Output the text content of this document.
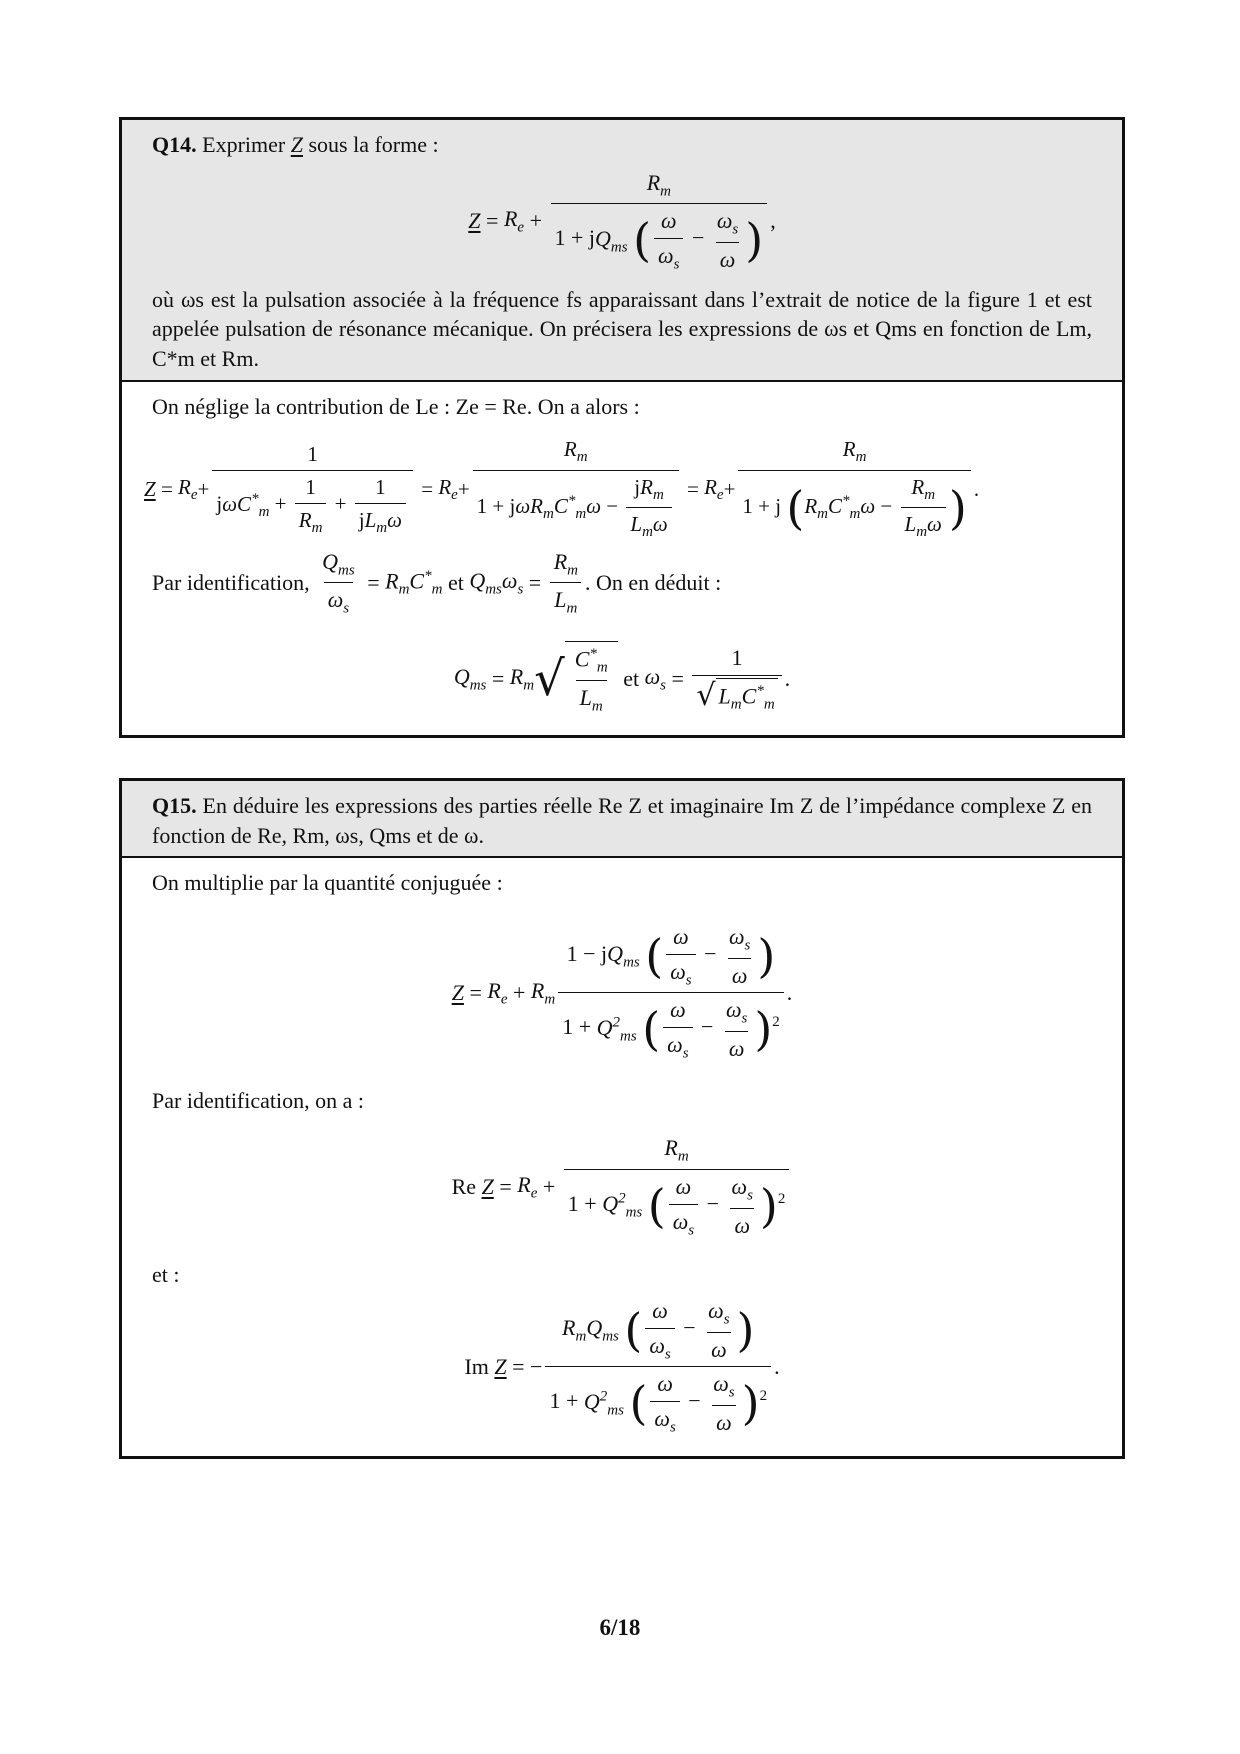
Q14. Exprimer Z sous la forme :

$Z = R_e + \frac{R_m}{1 + jQ_{ms} ( \frac{\omega}{\omega_s} - \frac{\omega_s}{\omega} )}$ ,

où ωs est la pulsation associée à la fréquence fs apparaissant dans l’extrait de notice de la figure 1 et est appelée pulsation de résonance mécanique. On précisera les expressions de ωs et Qms en fonction de Lm, C*m et Rm.

On néglige la contribution de Le : Ze = Re. On a alors :

$Z = R_e + \frac{1}{j\omega C^*_m + \frac{1}{R_m} + \frac{1}{jL_m\omega}} = R_e + \frac{R_m}{1 + j\omega R_mC^*_m\omega - \frac{jR_m}{L_m\omega}} = R_e + \frac{R_m}{1 + j (R_mC^*_m\omega - \frac{R_m}{L_m\omega} )}$ .

Par identification,
$\frac{Q_{ms}}{\omega_s} = R_mC^*_m$
et
$Q_{ms}\omega_s = \frac{R_m}{L_m}$ . On en déduit :

$Q_{ms} = R_m$ √ $\frac{C^*_m}{L_m}$
et
$\omega_s = \frac{1}{√ L_mC^*_m}$ .

Q15. En déduire les expressions des parties réelle Re Z et imaginaire Im Z de l’impédance complexe Z en fonction de Re, Rm, ωs, Qms et de ω.

On multiplie par la quantité conjuguée :

$Z = R_e + R_m \frac{1 - jQ_{ms} ( \frac{\omega}{\omega_s} - \frac{\omega_s}{\omega} )}{1 + Q^2_{ms} ( \frac{\omega}{\omega_s} - \frac{\omega_s}{\omega} )^2}$ .

Par identification, on a :

Re $Z = R_e + \frac{R_m}{1 + Q^2_{ms} ( \frac{\omega}{\omega_s} - \frac{\omega_s}{\omega} )^2}$

et :

Im Z = − $\frac{R_mQ_{ms} ( \frac{\omega}{\omega_s} - \frac{\omega_s}{\omega} )}{1 + Q^2_{ms} ( \frac{\omega}{\omega_s} - \frac{\omega_s}{\omega} )^2}$ .
6/18
